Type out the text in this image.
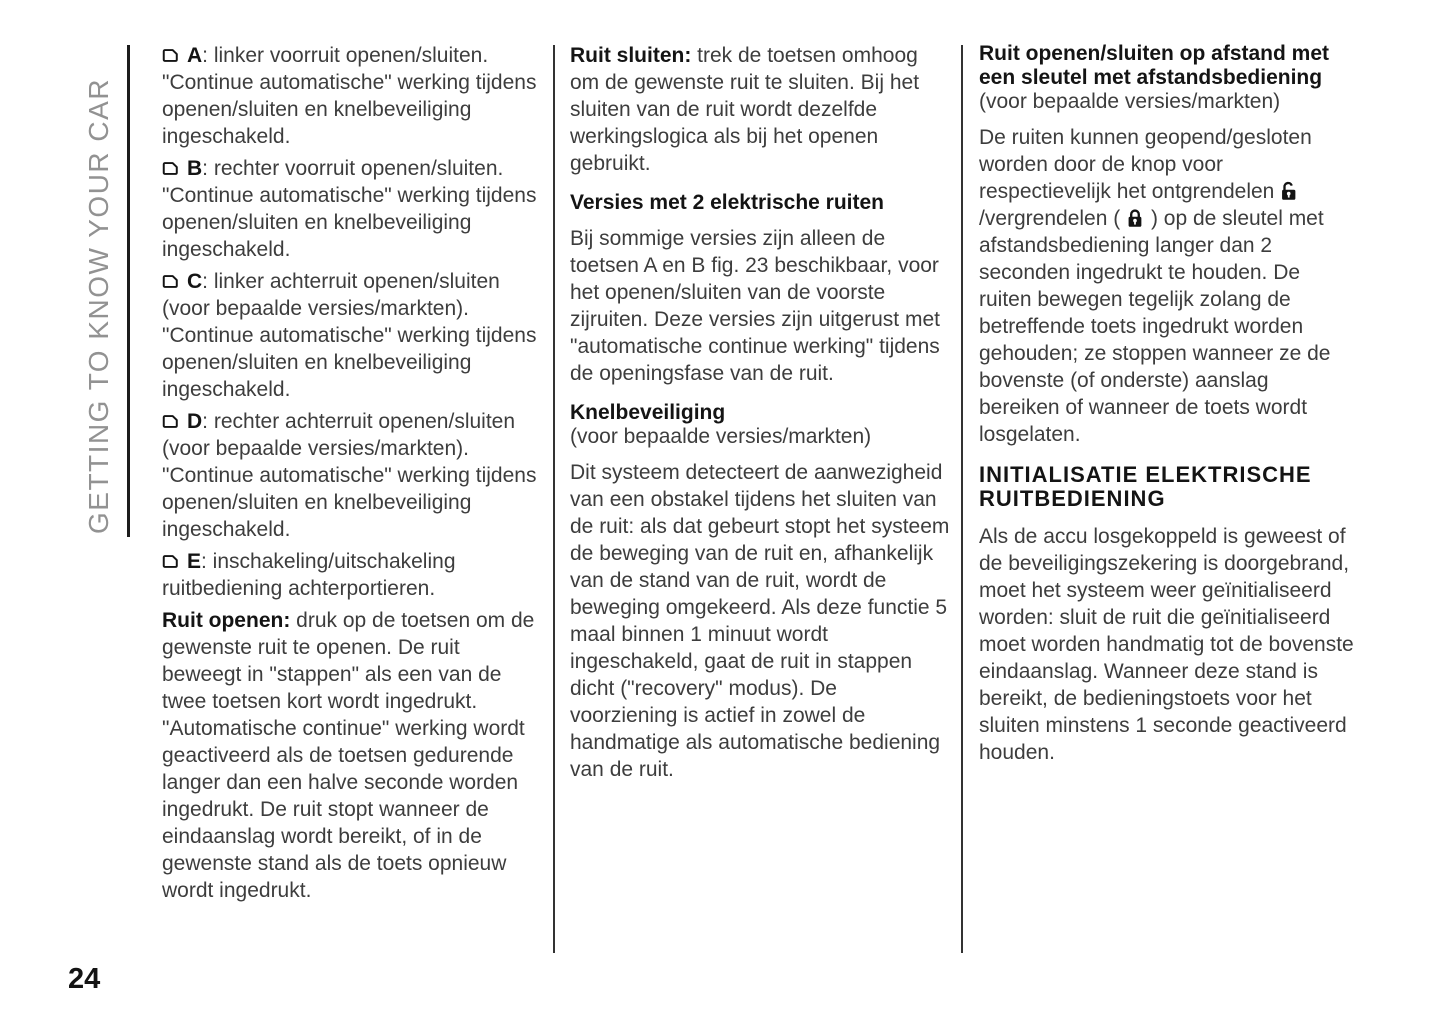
GETTING TO KNOW YOUR CAR

A: linker voorruit openen/sluiten. "Continue automatische" werking tijdens openen/sluiten en knelbeveiliging ingeschakeld.

B: rechter voorruit openen/sluiten. "Continue automatische" werking tijdens openen/sluiten en knelbeveiliging ingeschakeld.

C: linker achterruit openen/sluiten (voor bepaalde versies/markten). "Continue automatische" werking tijdens openen/sluiten en knelbeveiliging ingeschakeld.

D: rechter achterruit openen/sluiten (voor bepaalde versies/markten). "Continue automatische" werking tijdens openen/sluiten en knelbeveiliging ingeschakeld.

E: inschakeling/uitschakeling ruitbediening achterportieren.

Ruit openen: druk op de toetsen om de gewenste ruit te openen. De ruit beweegt in "stappen" als een van de twee toetsen kort wordt ingedrukt. "Automatische continue" werking wordt geactiveerd als de toetsen gedurende langer dan een halve seconde worden ingedrukt. De ruit stopt wanneer de eindaanslag wordt bereikt, of in de gewenste stand als de toets opnieuw wordt ingedrukt.

Ruit sluiten: trek de toetsen omhoog om de gewenste ruit te sluiten. Bij het sluiten van de ruit wordt dezelfde werkingslogica als bij het openen gebruikt.

Versies met 2 elektrische ruiten

Bij sommige versies zijn alleen de toetsen A en B fig. 23 beschikbaar, voor het openen/sluiten van de voorste zijruiten. Deze versies zijn uitgerust met "automatische continue werking" tijdens de openingsfase van de ruit.

Knelbeveiliging
(voor bepaalde versies/markten)

Dit systeem detecteert de aanwezigheid van een obstakel tijdens het sluiten van de ruit: als dat gebeurt stopt het systeem de beweging van de ruit en, afhankelijk van de stand van de ruit, wordt de beweging omgekeerd. Als deze functie 5 maal binnen 1 minuut wordt ingeschakeld, gaat de ruit in stappen dicht ("recovery" modus). De voorziening is actief in zowel de handmatige als automatische bediening van de ruit.

Ruit openen/sluiten op afstand met een sleutel met afstandsbediening
(voor bepaalde versies/markten)

De ruiten kunnen geopend/gesloten worden door de knop voor respectievelijk het ontgrendelen  /vergrendelen ( ) op de sleutel met afstandsbediening langer dan 2 seconden ingedrukt te houden. De ruiten bewegen tegelijk zolang de betreffende toets ingedrukt worden gehouden; ze stoppen wanneer ze de bovenste (of onderste) aanslag bereiken of wanneer de toets wordt losgelaten.

INITIALISATIE ELEKTRISCHE RUITBEDIENING

Als de accu losgekoppeld is geweest of de beveiligingszekering is doorgebrand, moet het systeem weer geïnitialiseerd worden: sluit de ruit die geïnitialiseerd moet worden handmatig tot de bovenste eindaanslag. Wanneer deze stand is bereikt, de bedieningstoets voor het sluiten minstens 1 seconde geactiveerd houden.

24
